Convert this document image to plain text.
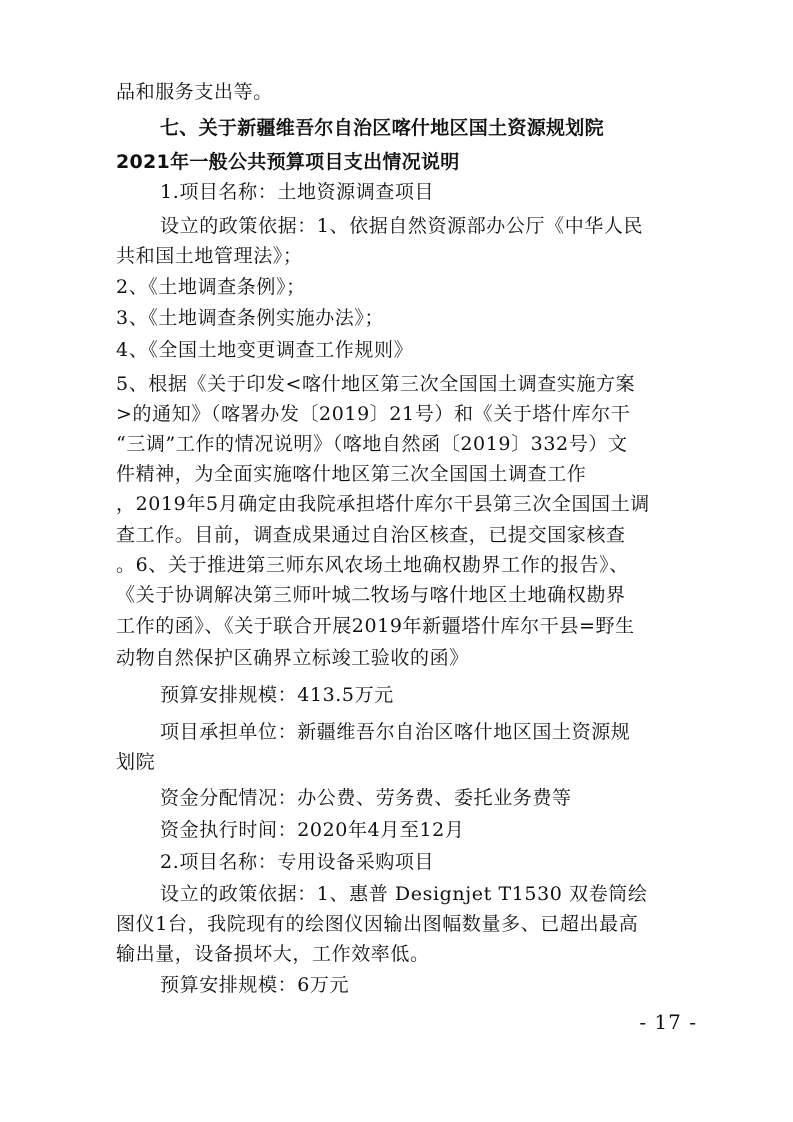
品和服务支出等。
七、关于新疆维吾尔自治区喀什地区国土资源规划院
2021年一般公共预算项目支出情况说明
1.项目名称：土地资源调查项目
设立的政策依据：1、依据自然资源部办公厅《中华人民
共和国土地管理法》；
2、《土地调查条例》；
3、《土地调查条例实施办法》；
4、《全国土地变更调查工作规则》
5、根据《关于印发<喀什地区第三次全国国土调查实施方案
>的通知》（喀署办发〔2019〕21号）和《关于塔什库尔干
“三调”工作的情况说明》（喀地自然函〔2019〕332号）文
件精神，为全面实施喀什地区第三次全国国土调查工作
，2019年5月确定由我院承担塔什库尔干县第三次全国国土调
查工作。目前，调查成果通过自治区核查，已提交国家核查
。6、关于推进第三师东风农场土地确权勘界工作的报告》、
《关于协调解决第三师叶城二牧场与喀什地区土地确权勘界
工作的函》、《关于联合开展2019年新疆塔什库尔干县=野生
动物自然保护区确界立标竣工验收的函》
预算安排规模：413.5万元
项目承担单位：新疆维吾尔自治区喀什地区国土资源规
划院
资金分配情况：办公费、劳务费、委托业务费等
资金执行时间：2020年4月至12月
2.项目名称：专用设备采购项目
设立的政策依据：1、惠普 Designjet T1530 双卷筒绘
图仪1台，我院现有的绘图仪因输出图幅数量多、已超出最高
输出量，设备损坏大，工作效率低。
预算安排规模：6万元
- 17 -
